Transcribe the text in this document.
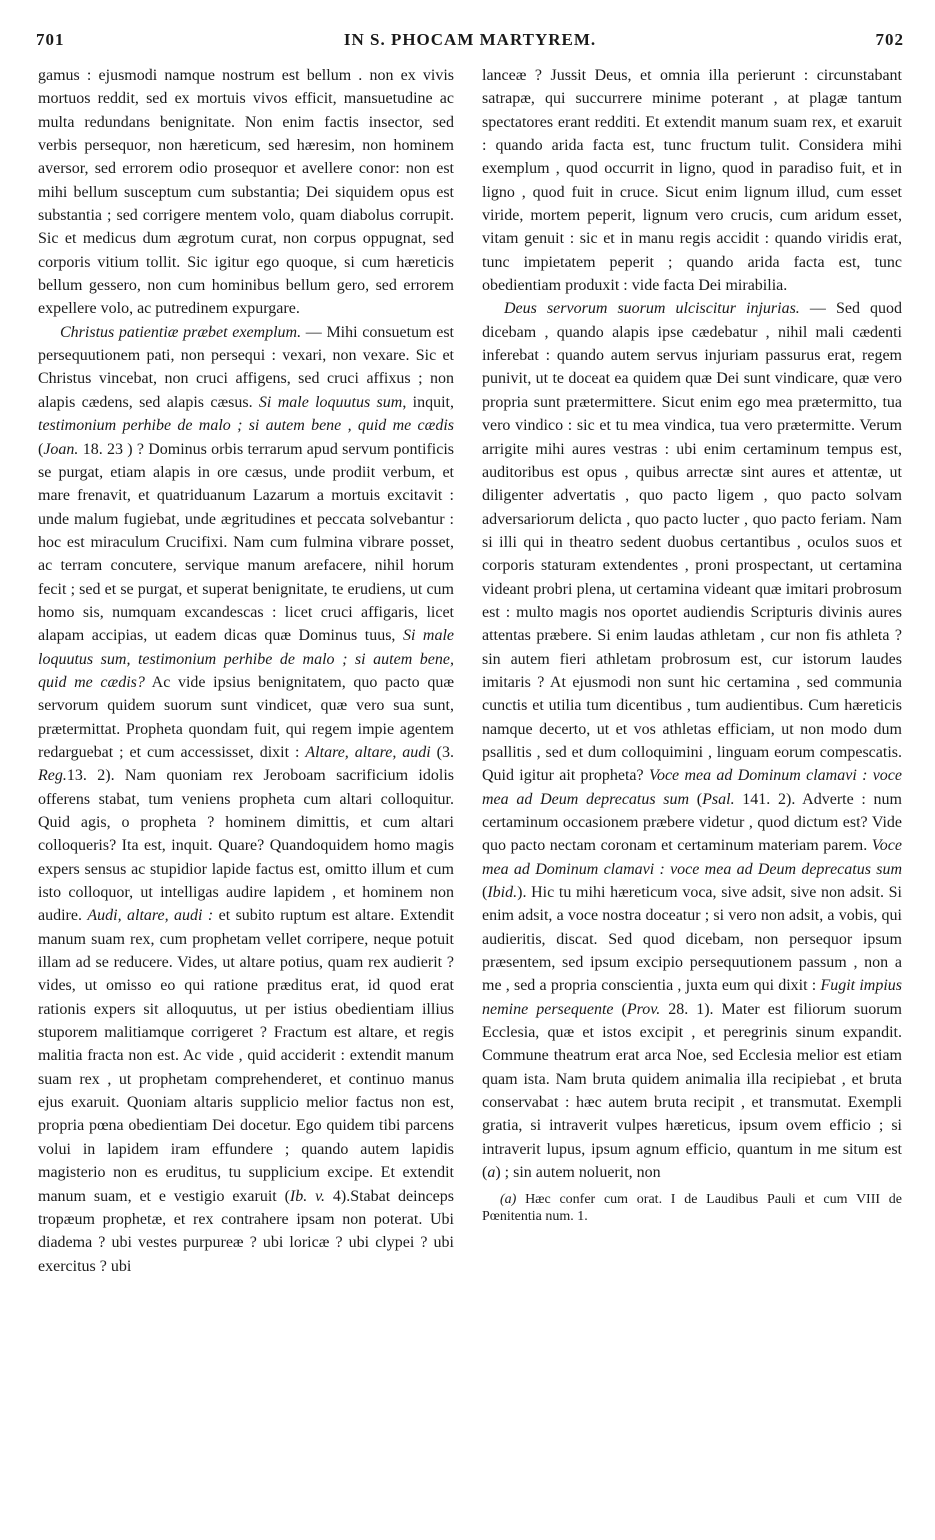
701	IN S. PHOCAM MARTYREM.	702

gamus : ejusmodi namque nostrum est bellum . non ex vivis mortuos reddit, sed ex mortuis vivos efficit, mansuetudine ac multa redundans benignitate. Non enim factis insector, sed verbis persequor, non hæreticum, sed hæresim, non hominem aversor, sed errorem odio prosequor et avellere conor: non est mihi bellum susceptum cum substantia; Dei siquidem opus est substantia ; sed corrigere mentem volo, quam diabolus corrupit. Sic et medicus dum ægrotum curat, non corpus oppugnat, sed corporis vitium tollit. Sic igitur ego quoque, si cum hæreticis bellum gessero, non cum hominibus bellum gero, sed errorem expellere volo, ac putredinem expurgare.

Christus patientiæ præbet exemplum. — Mihi consuetum est persequutionem pati, non persequi : vexari, non vexare. Sic et Christus vincebat, non cruci affigens, sed cruci affixus ; non alapis cædens, sed alapis cæsus. Si male loquutus sum, inquit, testimonium perhibe de malo ; si autem bene , quid me cædis (Joan. 18. 23 ) ? Dominus orbis terrarum apud servum pontificis se purgat, etiam alapis in ore cæsus, unde prodiit verbum, et mare frenavit, et quatriduanum Lazarum a mortuis excitavit : unde malum fugiebat, unde ægritudines et peccata solvebantur : hoc est miraculum Crucifixi. Nam cum fulmina vibrare posset, ac terram concutere, servique manum arefacere, nihil horum fecit ; sed et se purgat, et superat benignitate, te erudiens, ut cum homo sis, numquam excandescas : licet cruci affigaris, licet alapam accipias, ut eadem dicas quæ Dominus tuus, Si male loquutus sum, testimonium perhibe de malo ; si autem bene, quid me cædis? Ac vide ipsius benignitatem, quo pacto quæ servorum quidem suorum sunt vindicet, quæ vero sua sunt, prætermittat. Propheta quondam fuit, qui regem impie agentem redarguebat ; et cum accessisset, dixit : Altare, altare, audi (3. Reg.13. 2). Nam quoniam rex Jeroboam sacrificium idolis offerens stabat, tum veniens propheta cum altari colloquitur. Quid agis, o propheta ? hominem dimittis, et cum altari colloqueris? Ita est, inquit. Quare? Quandoquidem homo magis expers sensus ac stupidior lapide factus est, omitto illum et cum isto colloquor, ut intelligas audire lapidem , et hominem non audire. Audi, altare, audi : et subito ruptum est altare. Extendit manum suam rex, cum prophetam vellet corripere, neque potuit illam ad se reducere. Vides, ut altare potius, quam rex audierit ? vides, ut omisso eo qui ratione præditus erat, id quod erat rationis expers sit alloquutus, ut per istius obedientiam illius stuporem malitiamque corrigeret ? Fractum est altare, et regis malitia fracta non est. Ac vide , quid acciderit : extendit manum suam rex , ut prophetam comprehenderet, et continuo manus ejus exaruit. Quoniam altaris supplicio melior factus non est, propria pœna obedientiam Dei docetur. Ego quidem tibi parcens volui in lapidem iram effundere ; quando autem lapidis magisterio non es eruditus, tu supplicium excipe. Et extendit manum suam, et e vestigio exaruit (Ib. v. 4).Stabat deinceps tropæum prophetæ, et rex contrahere ipsam non poterat. Ubi diadema ? ubi vestes purpureæ ? ubi loricæ ? ubi clypei ? ubi exercitus ? ubi

lanceæ ? Jussit Deus, et omnia illa perierunt : circunstabant satrapæ, qui succurrere minime poterant , at plagæ tantum spectatores erant redditi. Et extendit manum suam rex, et exaruit : quando arida facta est, tunc fructum tulit. Considera mihi exemplum , quod occurrit in ligno, quod in paradiso fuit, et in ligno , quod fuit in cruce. Sicut enim lignum illud, cum esset viride, mortem peperit, lignum vero crucis, cum aridum esset, vitam genuit : sic et in manu regis accidit : quando viridis erat, tunc impietatem peperit ; quando arida facta est, tunc obedientiam produxit : vide facta Dei mirabilia.

Deus servorum suorum ulciscitur injurias. — Sed quod dicebam , quando alapis ipse cædebatur , nihil mali cædenti inferebat : quando autem servus injuriam passurus erat, regem punivit, ut te doceat ea quidem quæ Dei sunt vindicare, quæ vero propria sunt prætermittere. Sicut enim ego mea prætermitto, tua vero vindico : sic et tu mea vindica, tua vero prætermitte. Verum arrigite mihi aures vestras : ubi enim certaminum tempus est, auditoribus est opus , quibus arrectæ sint aures et attentæ, ut diligenter advertatis , quo pacto ligem , quo pacto solvam adversariorum delicta , quo pacto lucter , quo pacto feriam. Nam si illi qui in theatro sedent duobus certantibus , oculos suos et corporis staturam extendentes , proni prospectant, ut certamina videant probri plena, ut certamina videant quæ imitari probrosum est : multo magis nos oportet audiendis Scripturis divinis aures attentas præbere. Si enim laudas athletam , cur non fis athleta ? sin autem fieri athletam probrosum est, cur istorum laudes imitaris ? At ejusmodi non sunt hic certamina , sed communia cunctis et utilia tum dicentibus , tum audientibus. Cum hæreticis namque decerto, ut et vos athletas efficiam, ut non modo dum psallitis , sed et dum colloquimini , linguam eorum compescatis. Quid igitur ait propheta? Voce mea ad Dominum clamavi : voce mea ad Deum deprecatus sum (Psal. 141. 2). Adverte : num certaminum occasionem præbere videtur , quod dictum est? Vide quo pacto nectam coronam et certaminum materiam parem. Voce mea ad Dominum clamavi : voce mea ad Deum deprecatus sum (Ibid.). Hic tu mihi hæreticum voca, sive adsit, sive non adsit. Si enim adsit, a voce nostra doceatur ; si vero non adsit, a vobis, qui audieritis, discat. Sed quod dicebam, non persequor ipsum præsentem, sed ipsum excipio persequutionem passum , non a me , sed a propria conscientia , juxta eum qui dixit : Fugit impius nemine persequente (Prov. 28. 1). Mater est filiorum suorum Ecclesia, quæ et istos excipit , et peregrinis sinum expandit. Commune theatrum erat arca Noe, sed Ecclesia melior est etiam quam ista. Nam bruta quidem animalia illa recipiebat , et bruta conservabat : hæc autem bruta recipit , et transmutat. Exempli gratia, si intraverit vulpes hæreticus, ipsum ovem efficio ; si intraverit lupus, ipsum agnum efficio, quantum in me situm est (a) ; sin autem noluerit, non

(a) Hæc confer cum orat. I de Laudibus Pauli et cum VIII de Pœnitentia num. 1.
